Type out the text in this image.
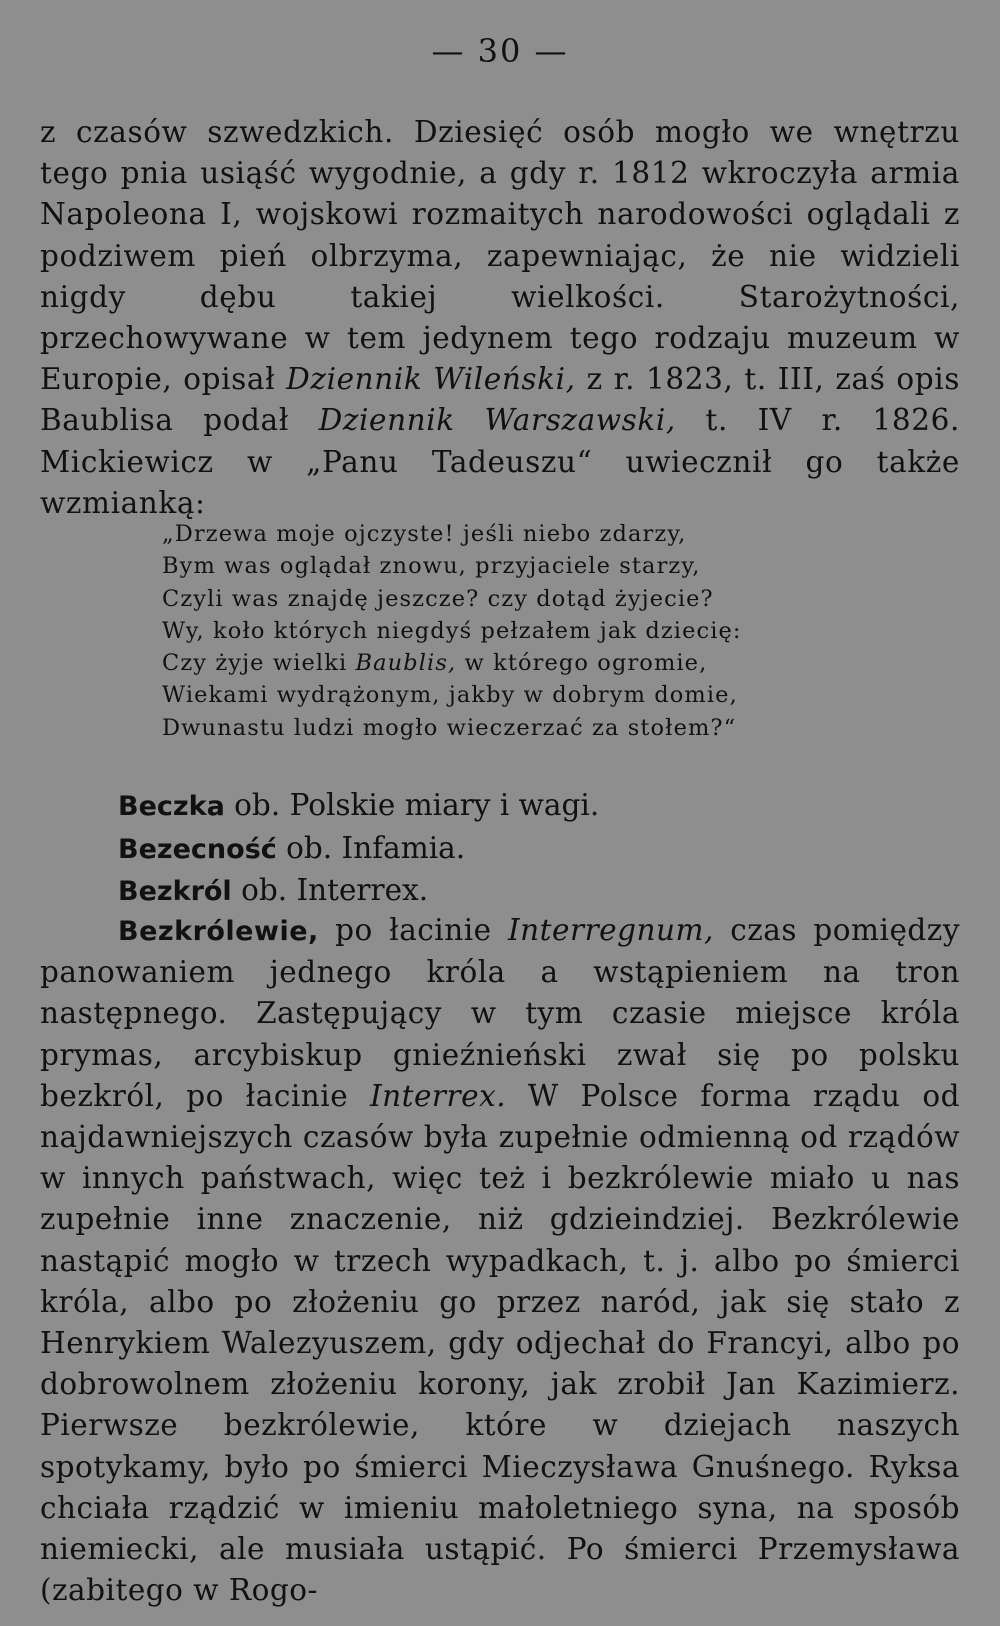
— 30 —

z czasów szwedzkich. Dziesięć osób mogło we wnętrzu tego pnia usiąść wygodnie, a gdy r. 1812 wkroczyła armia Napoleona I, wojskowi rozmaitych narodowości oglądali z podziwem pień olbrzyma, zapewniając, że nie widzieli nigdy dębu takiej wielkości. Starożytności, przechowywane w tem jedynem tego rodzaju muzeum w Europie, opisał Dziennik Wileński, z r. 1823, t. III, zaś opis Baublisa podał Dziennik Warszawski, t. IV r. 1826. Mickiewicz w „Panu Tadeuszu“ uwiecznił go także wzmianką:

„Drzewa moje ojczyste! jeśli niebo zdarzy,
Bym was oglądał znowu, przyjaciele starzy,
Czyli was znajdę jeszcze? czy dotąd żyjecie?
Wy, koło których niegdyś pełzałem jak dziecię:
Czy żyje wielki Baublis, w którego ogromie,
Wiekami wydrążonym, jakby w dobrym domie,
Dwunastu ludzi mogło wieczerzać za stołem?“
Beczka ob. Polskie miary i wagi.
Bezecność ob. Infamia.
Bezkról ob. Interrex.

Bezkrólewie, po łacinie Interregnum, czas pomiędzy panowaniem jednego króla a wstąpieniem na tron następnego. Zastępujący w tym czasie miejsce króla prymas, arcybiskup gnieźnieński zwał się po polsku bezkról, po łacinie Interrex. W Polsce forma rządu od najdawniejszych czasów była zupełnie odmienną od rządów w innych państwach, więc też i bezkrólewie miało u nas zupełnie inne znaczenie, niż gdzieindziej. Bezkrólewie nastąpić mogło w trzech wypadkach, t. j. albo po śmierci króla, albo po złożeniu go przez naród, jak się stało z Henrykiem Walezyuszem, gdy odjechał do Francyi, albo po dobrowolnem złożeniu korony, jak zrobił Jan Kazimierz. Pierwsze bezkrólewie, które w dziejach naszych spotykamy, było po śmierci Mieczysława Gnuśnego. Ryksa chciała rządzić w imieniu małoletniego syna, na sposób niemiecki, ale musiała ustąpić. Po śmierci Przemysława (zabitego w Rogo-
